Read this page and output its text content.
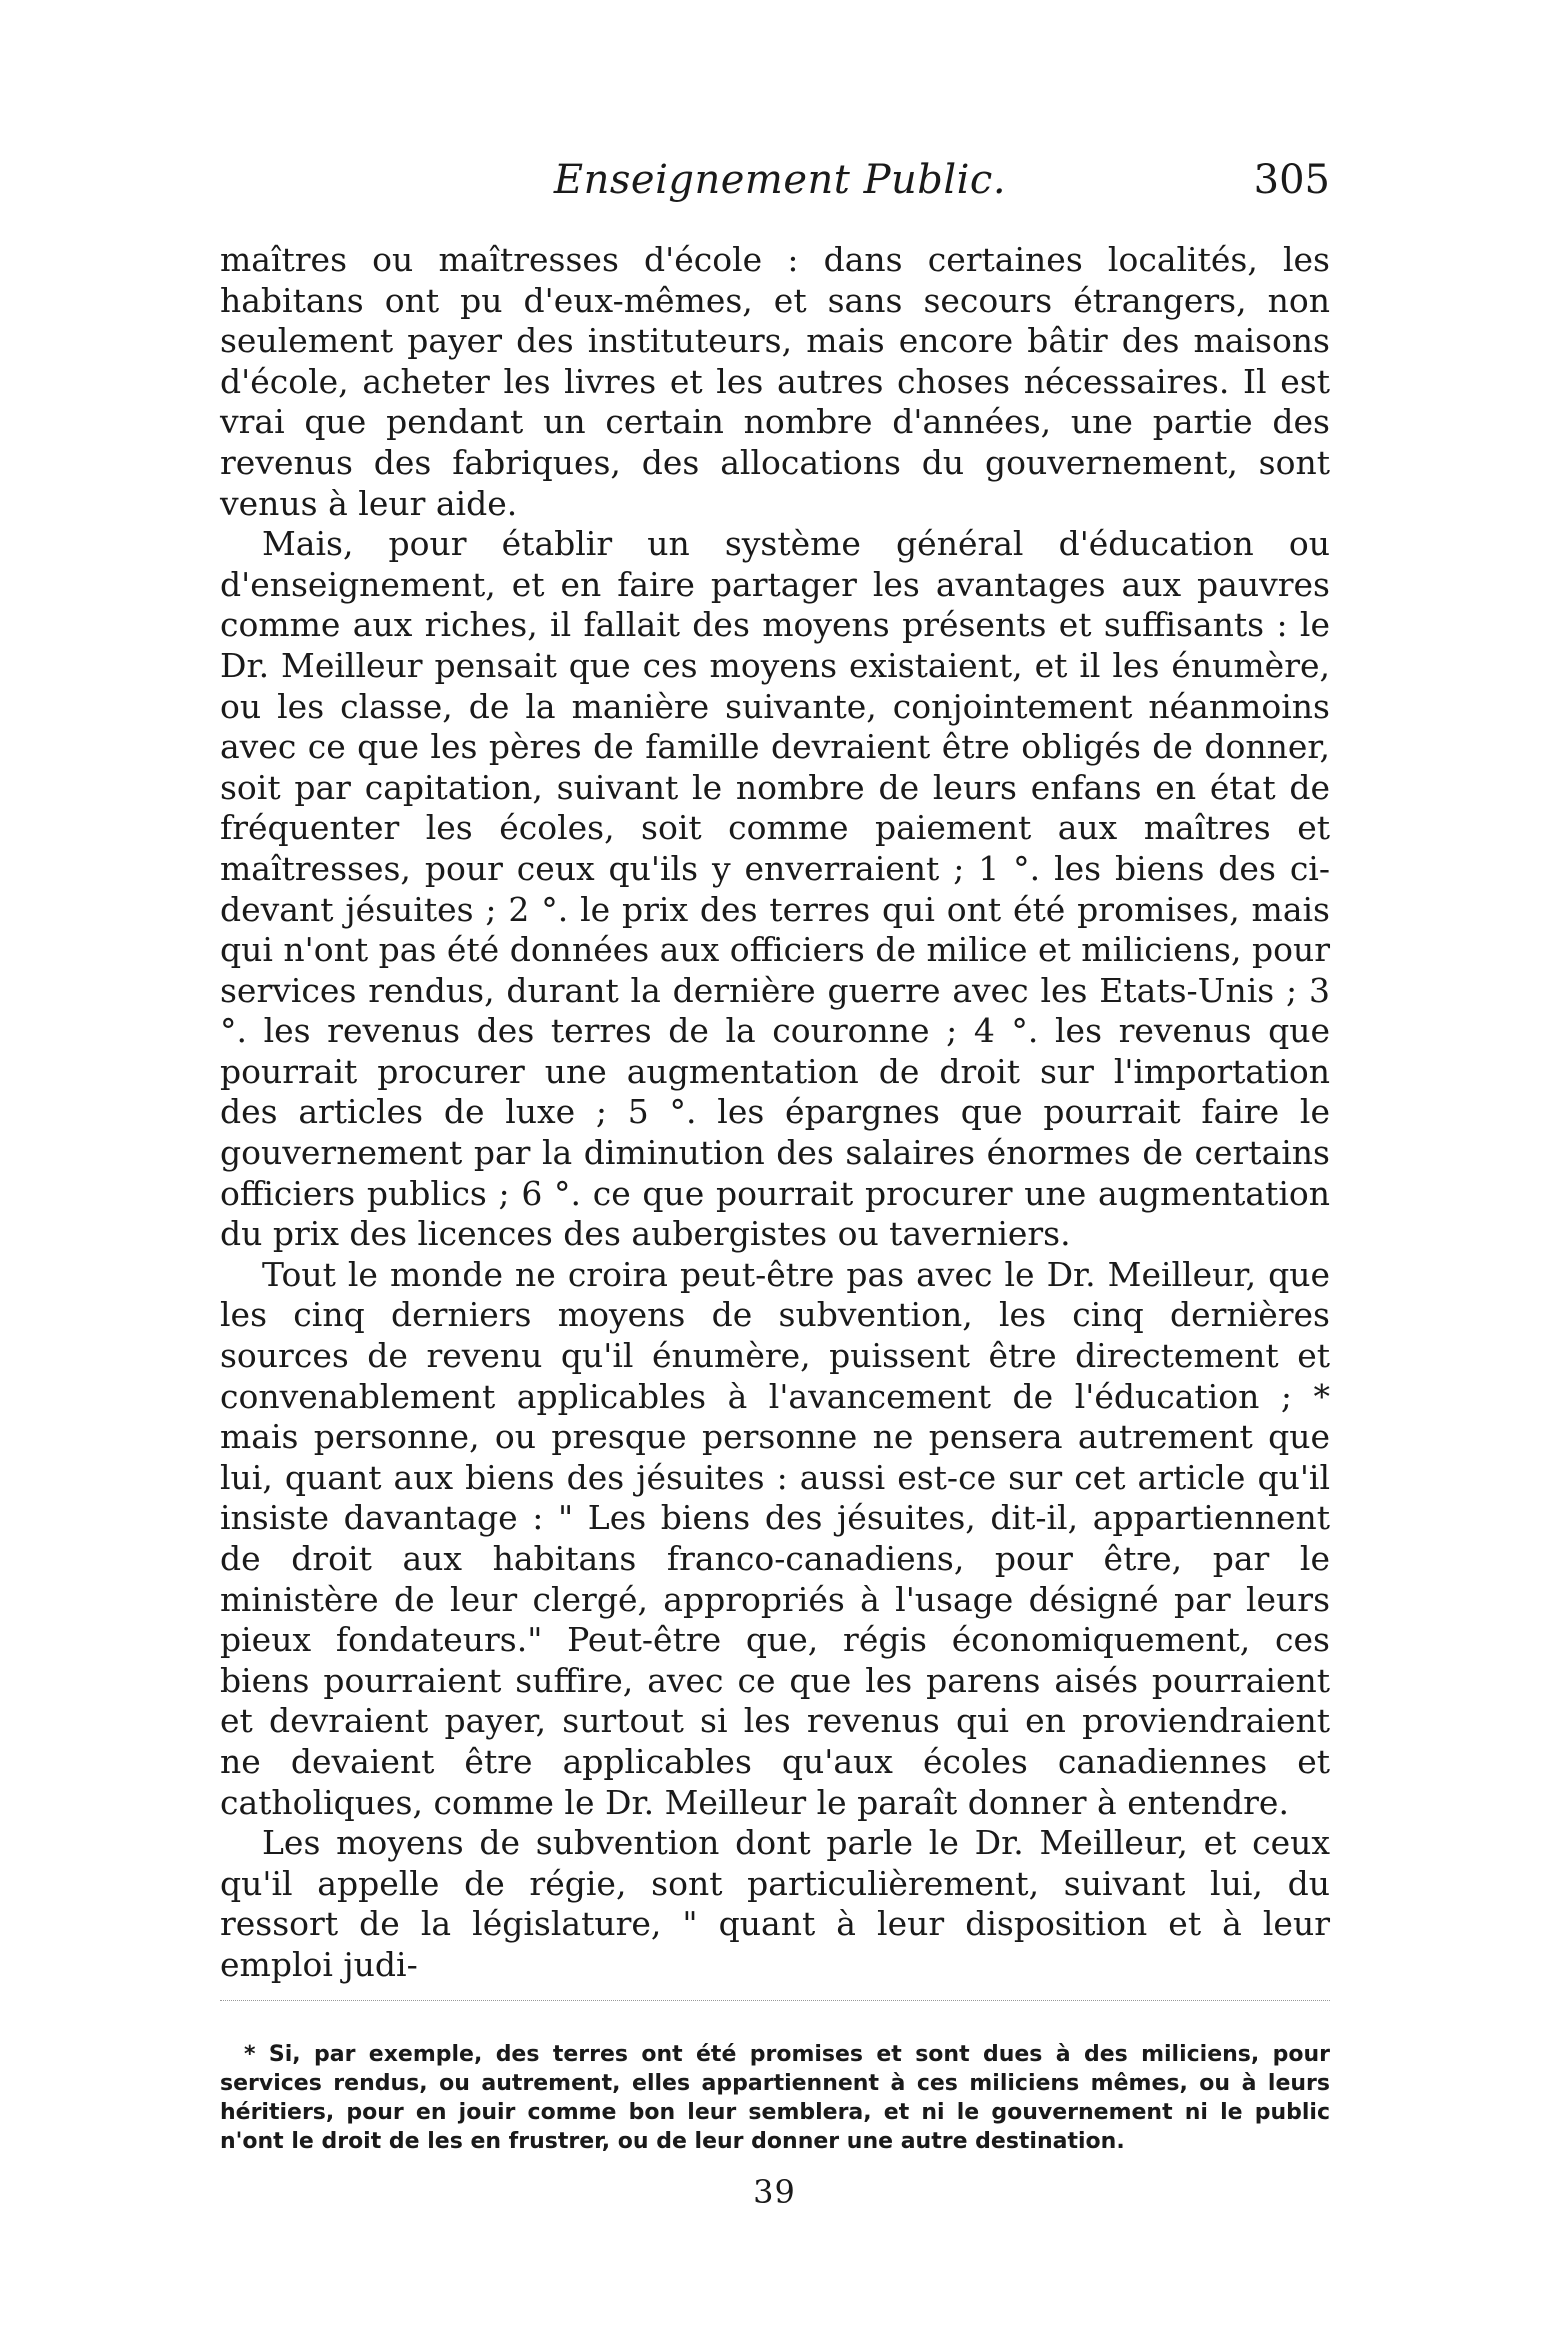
Enseignement Public.	305

maîtres ou maîtresses d'école : dans certaines localités, les habitans ont pu d'eux-mêmes, et sans secours étrangers, non seulement payer des instituteurs, mais encore bâtir des maisons d'école, acheter les livres et les autres choses nécessaires. Il est vrai que pendant un certain nombre d'années, une partie des revenus des fabriques, des allocations du gouvernement, sont venus à leur aide.

Mais, pour établir un système général d'éducation ou d'enseignement, et en faire partager les avantages aux pauvres comme aux riches, il fallait des moyens présents et suffisants : le Dr. Meilleur pensait que ces moyens existaient, et il les énumère, ou les classe, de la manière suivante, conjointement néanmoins avec ce que les pères de famille devraient être obligés de donner, soit par capitation, suivant le nombre de leurs enfans en état de fréquenter les écoles, soit comme paiement aux maîtres et maîtresses, pour ceux qu'ils y enverraient ; 1 °. les biens des ci-devant jésuites ; 2 °. le prix des terres qui ont été promises, mais qui n'ont pas été données aux officiers de milice et miliciens, pour services rendus, durant la dernière guerre avec les Etats-Unis ; 3 °. les revenus des terres de la couronne ; 4 °. les revenus que pourrait procurer une augmentation de droit sur l'importation des articles de luxe ; 5 °. les épargnes que pourrait faire le gouvernement par la diminution des salaires énormes de certains officiers publics ; 6 °. ce que pourrait procurer une augmentation du prix des licences des aubergistes ou taverniers.

Tout le monde ne croira peut-être pas avec le Dr. Meilleur, que les cinq derniers moyens de subvention, les cinq dernières sources de revenu qu'il énumère, puissent être directement et convenablement applicables à l'avancement de l'éducation ; * mais personne, ou presque personne ne pensera autrement que lui, quant aux biens des jésuites : aussi est-ce sur cet article qu'il insiste davantage : " Les biens des jésuites, dit-il, appartiennent de droit aux habitans franco-canadiens, pour être, par le ministère de leur clergé, appropriés à l'usage désigné par leurs pieux fondateurs." Peut-être que, régis économiquement, ces biens pourraient suffire, avec ce que les parens aisés pourraient et devraient payer, surtout si les revenus qui en proviendraient ne devaient être applicables qu'aux écoles canadiennes et catholiques, comme le Dr. Meilleur le paraît donner à entendre.

Les moyens de subvention dont parle le Dr. Meilleur, et ceux qu'il appelle de régie, sont particulièrement, suivant lui, du ressort de la législature, " quant à leur disposition et à leur emploi judi-

* Si, par exemple, des terres ont été promises et sont dues à des miliciens, pour services rendus, ou autrement, elles appartiennent à ces miliciens mêmes, ou à leurs héritiers, pour en jouir comme bon leur semblera, et ni le gouvernement ni le public n'ont le droit de les en frustrer, ou de leur donner une autre destination.

39
